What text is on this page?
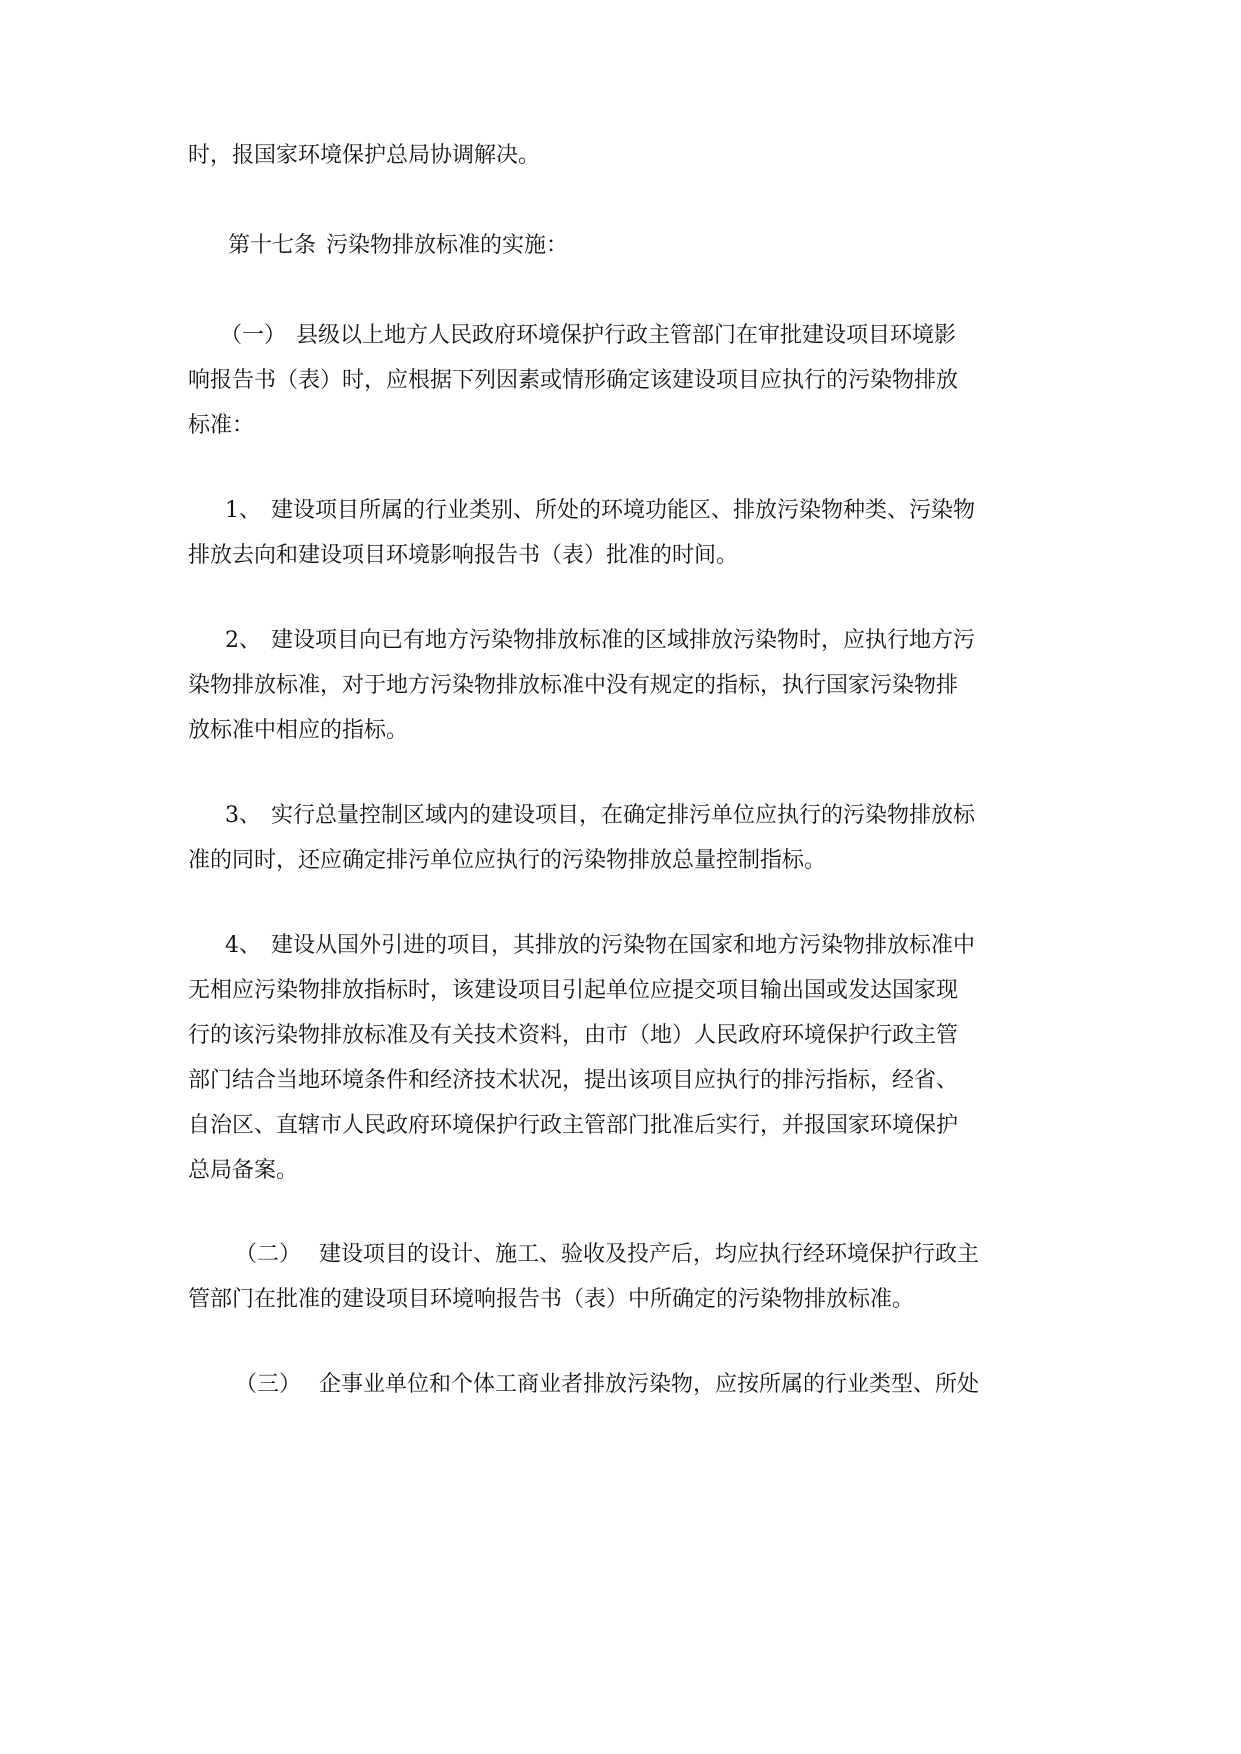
时，报国家环境保护总局协调解决。
第十七条 污染物排放标准的实施：
（一） 县级以上地方人民政府环境保护行政主管部门在审批建设项目环境影
响报告书（表）时，应根据下列因素或情形确定该建设项目应执行的污染物排放
标准：
1、 建设项目所属的行业类别、所处的环境功能区、排放污染物种类、污染物
排放去向和建设项目环境影响报告书（表）批准的时间。
2、 建设项目向已有地方污染物排放标准的区域排放污染物时，应执行地方污
染物排放标准，对于地方污染物排放标准中没有规定的指标，执行国家污染物排
放标准中相应的指标。
3、 实行总量控制区域内的建设项目，在确定排污单位应执行的污染物排放标
准的同时，还应确定排污单位应执行的污染物排放总量控制指标。
4、 建设从国外引进的项目，其排放的污染物在国家和地方污染物排放标准中
无相应污染物排放指标时，该建设项目引起单位应提交项目输出国或发达国家现
行的该污染物排放标准及有关技术资料，由市（地）人民政府环境保护行政主管
部门结合当地环境条件和经济技术状况，提出该项目应执行的排污指标，经省、
自治区、直辖市人民政府环境保护行政主管部门批准后实行，并报国家环境保护
总局备案。
（二） 建设项目的设计、施工、验收及投产后，均应执行经环境保护行政主
管部门在批准的建设项目环境响报告书（表）中所确定的污染物排放标准。
（三） 企事业单位和个体工商业者排放污染物，应按所属的行业类型、所处
